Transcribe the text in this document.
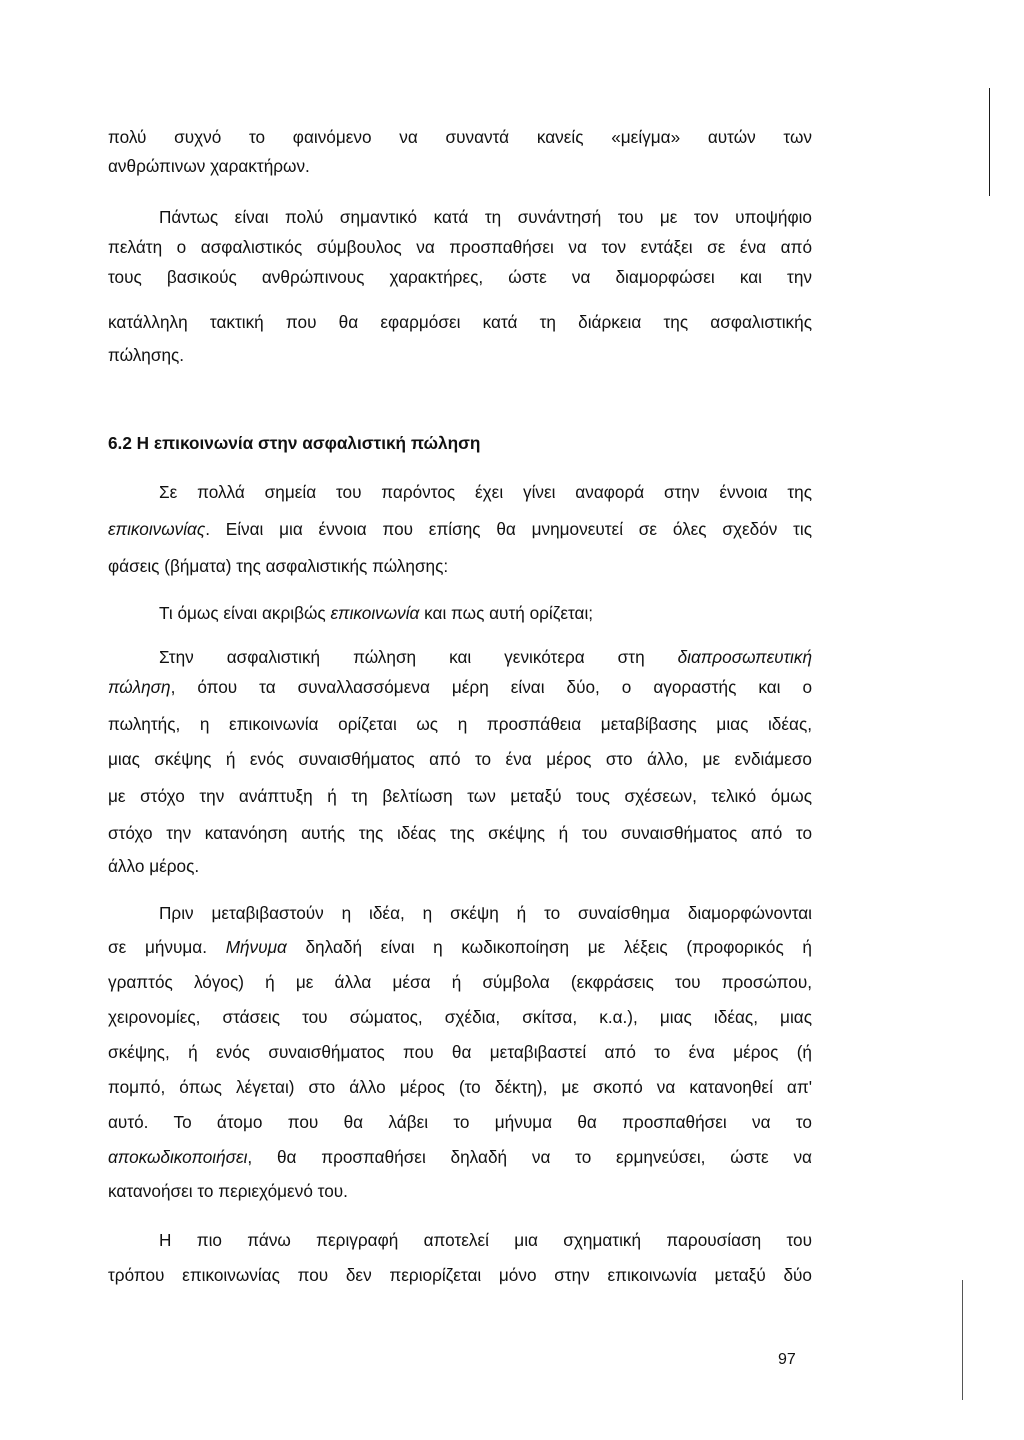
πολύ συχνό το φαινόμενο να συναντά κανείς «μείγμα» αυτών των
ανθρώπινων χαρακτήρων.
Πάντως είναι πολύ σημαντικό κατά τη συνάντησή του με τον υποψήφιο
πελάτη ο ασφαλιστικός σύμβουλος να προσπαθήσει να τον εντάξει σε ένα από
τους βασικούς ανθρώπινους χαρακτήρες, ώστε να διαμορφώσει και την
κατάλληλη τακτική που θα εφαρμόσει κατά τη διάρκεια της ασφαλιστικής
πώλησης.
6.2 Η επικοινωνία στην ασφαλιστική πώληση
Σε πολλά σημεία του παρόντος έχει γίνει αναφορά στην έννοια της
επικοινωνίας. Είναι μια έννοια που επίσης θα μνημονευτεί σε όλες σχεδόν τις
φάσεις (βήματα) της ασφαλιστικής πώλησης:
Τι όμως είναι ακριβώς επικοινωνία και πως αυτή ορίζεται;
Στην ασφαλιστική πώληση και γενικότερα στη διαπροσωπευτική
πώληση, όπου τα συναλλασσόμενα μέρη είναι δύο, ο αγοραστής και ο
πωλητής, η επικοινωνία ορίζεται ως η προσπάθεια μεταβίβασης μιας ιδέας,
μιας σκέψης ή ενός συναισθήματος από το ένα μέρος στο άλλο, με ενδιάμεσο
με στόχο την ανάπτυξη ή τη βελτίωση των μεταξύ τους σχέσεων, τελικό όμως
στόχο την κατανόηση αυτής της ιδέας της σκέψης ή του συναισθήματος από το
άλλο μέρος.
Πριν μεταβιβαστούν η ιδέα, η σκέψη ή το συναίσθημα διαμορφώνονται
σε μήνυμα. Μήνυμα δηλαδή είναι η κωδικοποίηση με λέξεις (προφορικός ή
γραπτός λόγος) ή με άλλα μέσα ή σύμβολα (εκφράσεις του προσώπου,
χειρονομίες, στάσεις του σώματος, σχέδια, σκίτσα, κ.α.), μιας ιδέας, μιας
σκέψης, ή ενός συναισθήματος που θα μεταβιβαστεί από το ένα μέρος (ή
πομπό, όπως λέγεται) στο άλλο μέρος (το δέκτη), με σκοπό να κατανοηθεί απ'
αυτό. Το άτομο που θα λάβει το μήνυμα θα προσπαθήσει να το
αποκωδικοποιήσει, θα προσπαθήσει δηλαδή να το ερμηνεύσει, ώστε να
κατανοήσει το περιεχόμενό του.
Η πιο πάνω περιγραφή αποτελεί μια σχηματική παρουσίαση του
τρόπου επικοινωνίας που δεν περιορίζεται μόνο στην επικοινωνία μεταξύ δύο
97
